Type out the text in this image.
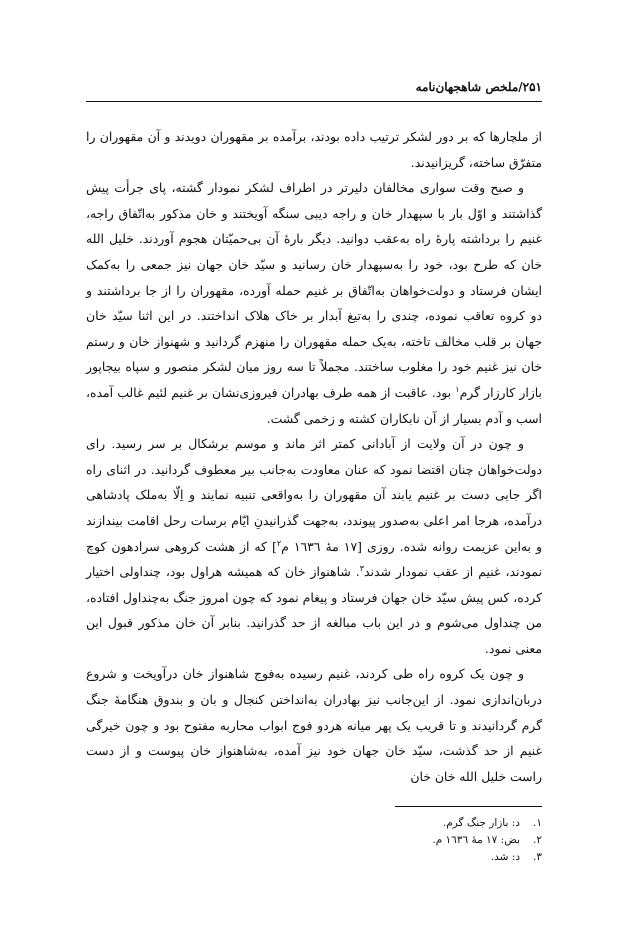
۲۵۱/ملخص شاهجهان‌نامه

از ملچارها که بر دور لشکر ترتیب داده بودند، برآمده بر مقهوران دویدند و آن مقهوران را متفرّق ساخته، گریزانیدند.

و صبح وقت سواری مخالفان دلیرتر در اطراف لشکر نمودار گشته، پای جرأت پیش گذاشتند و اوّل بار با سپهدار خان و راجه دیبی سنگه آویختند و خان مذکور به‌اتّفاق راجه، غنیم را برداشته پارهٔ راه به‌عقب دوانید. دیگر بارهٔ آن بی‌حمیّتان هجوم آوردند. خلیل الله خان که طرح بود، خود را به‌سپهدار خان رسانید و سیّد خان جهان نیز جمعی را به‌کمک ایشان فرستاد و دولت‌خواهان به‌اتّفاق بر غنیم حمله آورده، مقهوران را از جا برداشتند و دو کروه تعاقب نموده، چندی را به‌تیغ آبدار بر خاک هلاک انداختند. در این اثنا سیّد خان جهان بر قلب مخالف تاخته، به‌یک حمله مقهوران را منهزم گردانید و شهنواز خان و رستم خان نیز غنیم خود را مغلوب ساختند. مجملاً تا سه روز میان لشکر منصور و سپاه بیجاپور بازار کارزار گرم$^۱$ بود. عاقبت از همه طرف بهادران فیروزی‌نشان بر غنیم لئیم غالب آمده، اسب و آدم بسیار از آن نابکاران کشته و زخمی گشت.

و چون در آن ولایت از آبادانی کمتر اثر ماند و موسم برشکال بر سر رسید. رای دولت‌خواهان چنان اقتضا نمود که عنان معاودت به‌جانب بیر معطوف گردانید. در اثنای راه اگر جایی دست بر غنیم یابند آن مقهوران را به‌واقعی تنبیه نمایند و اِلّا به‌ملک پادشاهی درآمده، هرجا امر اعلی به‌صدور پیوندد، به‌جهت گذرانیدنِ ایّام برسات رحل اقامت بیندازند و به‌این عزیمت روانه شده. روزی [۱۷ مهٔ ۱٦۳٦ م$^۲$] که از هشت کروهی سرادهون کوچ نمودند، غنیم از عقب نمودار شدند$^۳$. شاهنواز خان که همیشه هراول بود، چنداولی اختیار کرده، کس پیش سیّد خان جهان فرستاد و پیغام نمود که چون امروز جنگ به‌چنداول افتاده، من چنداول می‌شوم و در این باب مبالغه از حد گذرانید. بنابر آن خان مذکور قبول این معنی نمود.

و چون یک کروه راه طی کردند، غنیم رسیده به‌فوج شاهنواز خان درآویخت و شروع دربان‌اندازی نمود. از این‌جانب نیز بهادران به‌انداختن کنجال و بان و بندوق هنگامهٔ جنگ گرم گردانیدند و تا قریب یک پهر میانه هردو فوج ابواب محاربه مفتوح بود و چون خیرگی غنیم از حد گذشت، سیّد خان جهان خود نیز آمده، به‌شاهنواز خان پیوست و از دست راست خلیل الله خان خان

۱.
د: بازار جنگ گرم.
۲.
بض: ۱۷ مهٔ ۱٦۳٦ م.
۳.
د: شد.
